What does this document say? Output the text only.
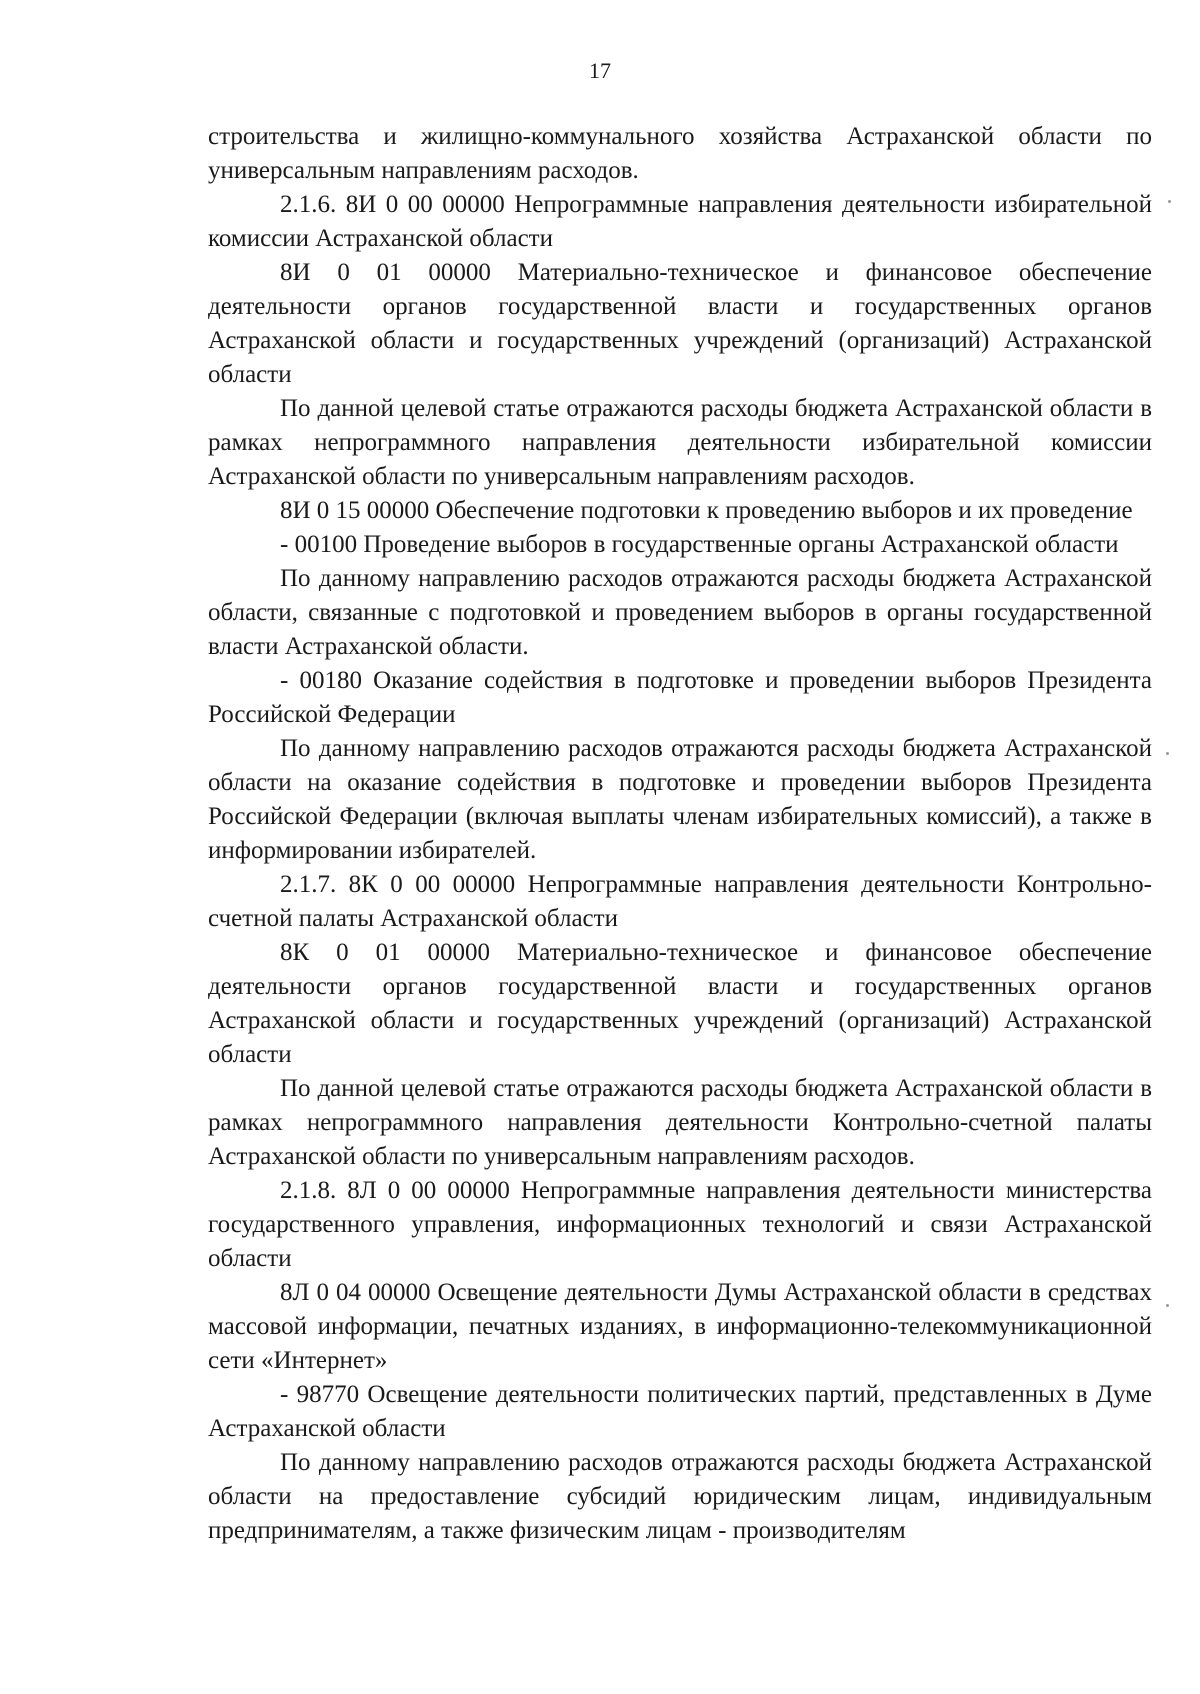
17

строительства и жилищно-коммунального хозяйства Астраханской области по универсальным направлениям расходов.

2.1.6. 8И 0 00 00000 Непрограммные направления деятельности избирательной комиссии Астраханской области

8И 0 01 00000 Материально-техническое и финансовое обеспечение деятельности органов государственной власти и государственных органов Астраханской области и государственных учреждений (организаций) Астраханской области

По данной целевой статье отражаются расходы бюджета Астраханской области в рамках непрограммного направления деятельности избирательной комиссии Астраханской области по универсальным направлениям расходов.

8И 0 15 00000 Обеспечение подготовки к проведению выборов и их проведение

- 00100 Проведение выборов в государственные органы Астраханской области

По данному направлению расходов отражаются расходы бюджета Астраханской области, связанные с подготовкой и проведением выборов в органы государственной власти Астраханской области.

- 00180 Оказание содействия в подготовке и проведении выборов Президента Российской Федерации

По данному направлению расходов отражаются расходы бюджета Астраханской области на оказание содействия в подготовке и проведении выборов Президента Российской Федерации (включая выплаты членам избирательных комиссий), а также в информировании избирателей.

2.1.7. 8К 0 00 00000 Непрограммные направления деятельности Контрольно-счетной палаты Астраханской области

8К 0 01 00000 Материально-техническое и финансовое обеспечение деятельности органов государственной власти и государственных органов Астраханской области и государственных учреждений (организаций) Астраханской области

По данной целевой статье отражаются расходы бюджета Астраханской области в рамках непрограммного направления деятельности Контрольно-счетной палаты Астраханской области по универсальным направлениям расходов.

2.1.8. 8Л 0 00 00000 Непрограммные направления деятельности министерства государственного управления, информационных технологий и связи Астраханской области

8Л 0 04 00000 Освещение деятельности Думы Астраханской области в средствах массовой информации, печатных изданиях, в информационно-телекоммуникационной сети «Интернет»

- 98770 Освещение деятельности политических партий, представленных в Думе Астраханской области

По данному направлению расходов отражаются расходы бюджета Астраханской области на предоставление субсидий юридическим лицам, индивидуальным предпринимателям, а также физическим лицам - производителям
